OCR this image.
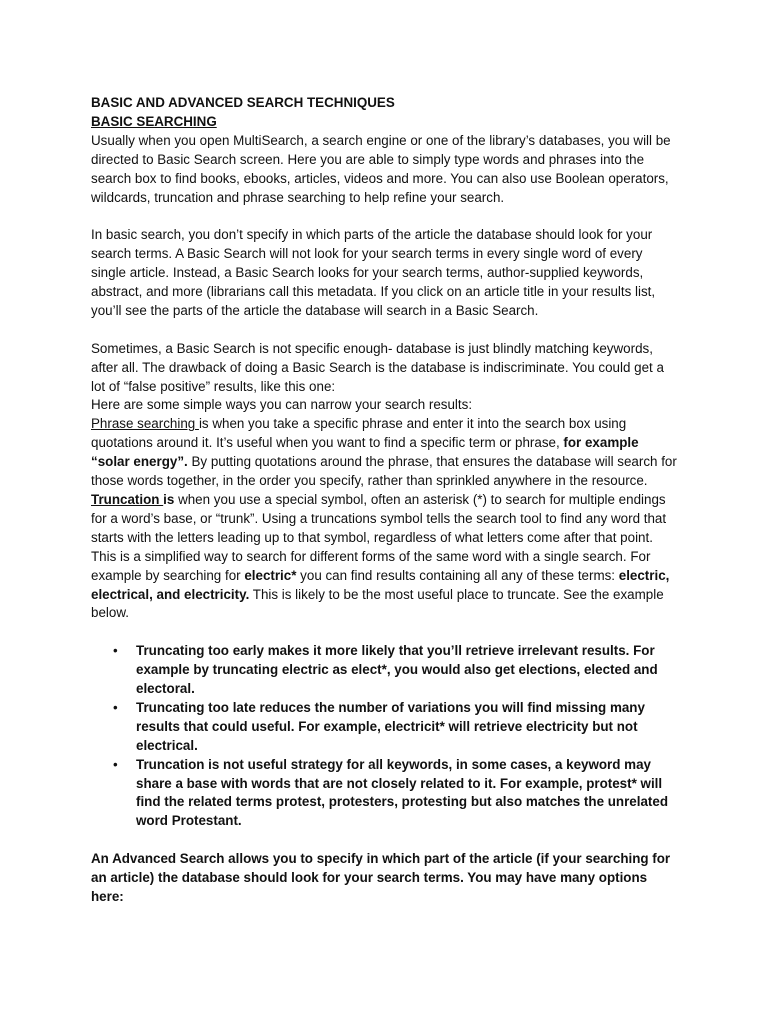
BASIC AND ADVANCED SEARCH TECHNIQUES

BASIC SEARCHING

Usually when you open MultiSearch, a search engine or one of the library’s databases, you will be directed to Basic Search screen. Here you are able to simply type words and phrases into the search box to find books, ebooks, articles, videos and more. You can also use Boolean operators, wildcards, truncation and phrase searching to help refine your search.

In basic search, you don’t specify in which parts of the article the database should look for your search terms. A Basic Search will not look for your search terms in every single word of every single article. Instead, a Basic Search looks for your search terms, author-supplied keywords, abstract, and more (librarians call this metadata. If you click on an article title in your results list, you’ll see the parts of the article the database will search in a Basic Search.

Sometimes, a Basic Search is not specific enough- database is just blindly matching keywords, after all. The drawback of doing a Basic Search is the database is indiscriminate. You could get a lot of “false positive” results, like this one:

Here are some simple ways you can narrow your search results:

Phrase searching is when you take a specific phrase and enter it into the search box using quotations around it. It’s useful when you want to find a specific term or phrase, for example “solar energy”. By putting quotations around the phrase, that ensures the database will search for those words together, in the order you specify, rather than sprinkled anywhere in the resource.

Truncation is when you use a special symbol, often an asterisk (*) to search for multiple endings for a word’s base, or “trunk”. Using a truncations symbol tells the search tool to find any word that starts with the letters leading up to that symbol, regardless of what letters come after that point. This is a simplified way to search for different forms of the same word with a single search. For example by searching for electric* you can find results containing all any of these terms: electric, electrical, and electricity. This is likely to be the most useful place to truncate. See the example below.

• Truncating too early makes it more likely that you’ll retrieve irrelevant results. For example by truncating electric as elect*, you would also get elections, elected and electoral.
• Truncating too late reduces the number of variations you will find missing many results that could useful. For example, electricit* will retrieve electricity but not electrical.
• Truncation is not useful strategy for all keywords, in some cases, a keyword may share a base with words that are not closely related to it. For example, protest* will find the related terms protest, protesters, protesting but also matches the unrelated word Protestant.

An Advanced Search allows you to specify in which part of the article (if your searching for an article) the database should look for your search terms. You may have many options here:
